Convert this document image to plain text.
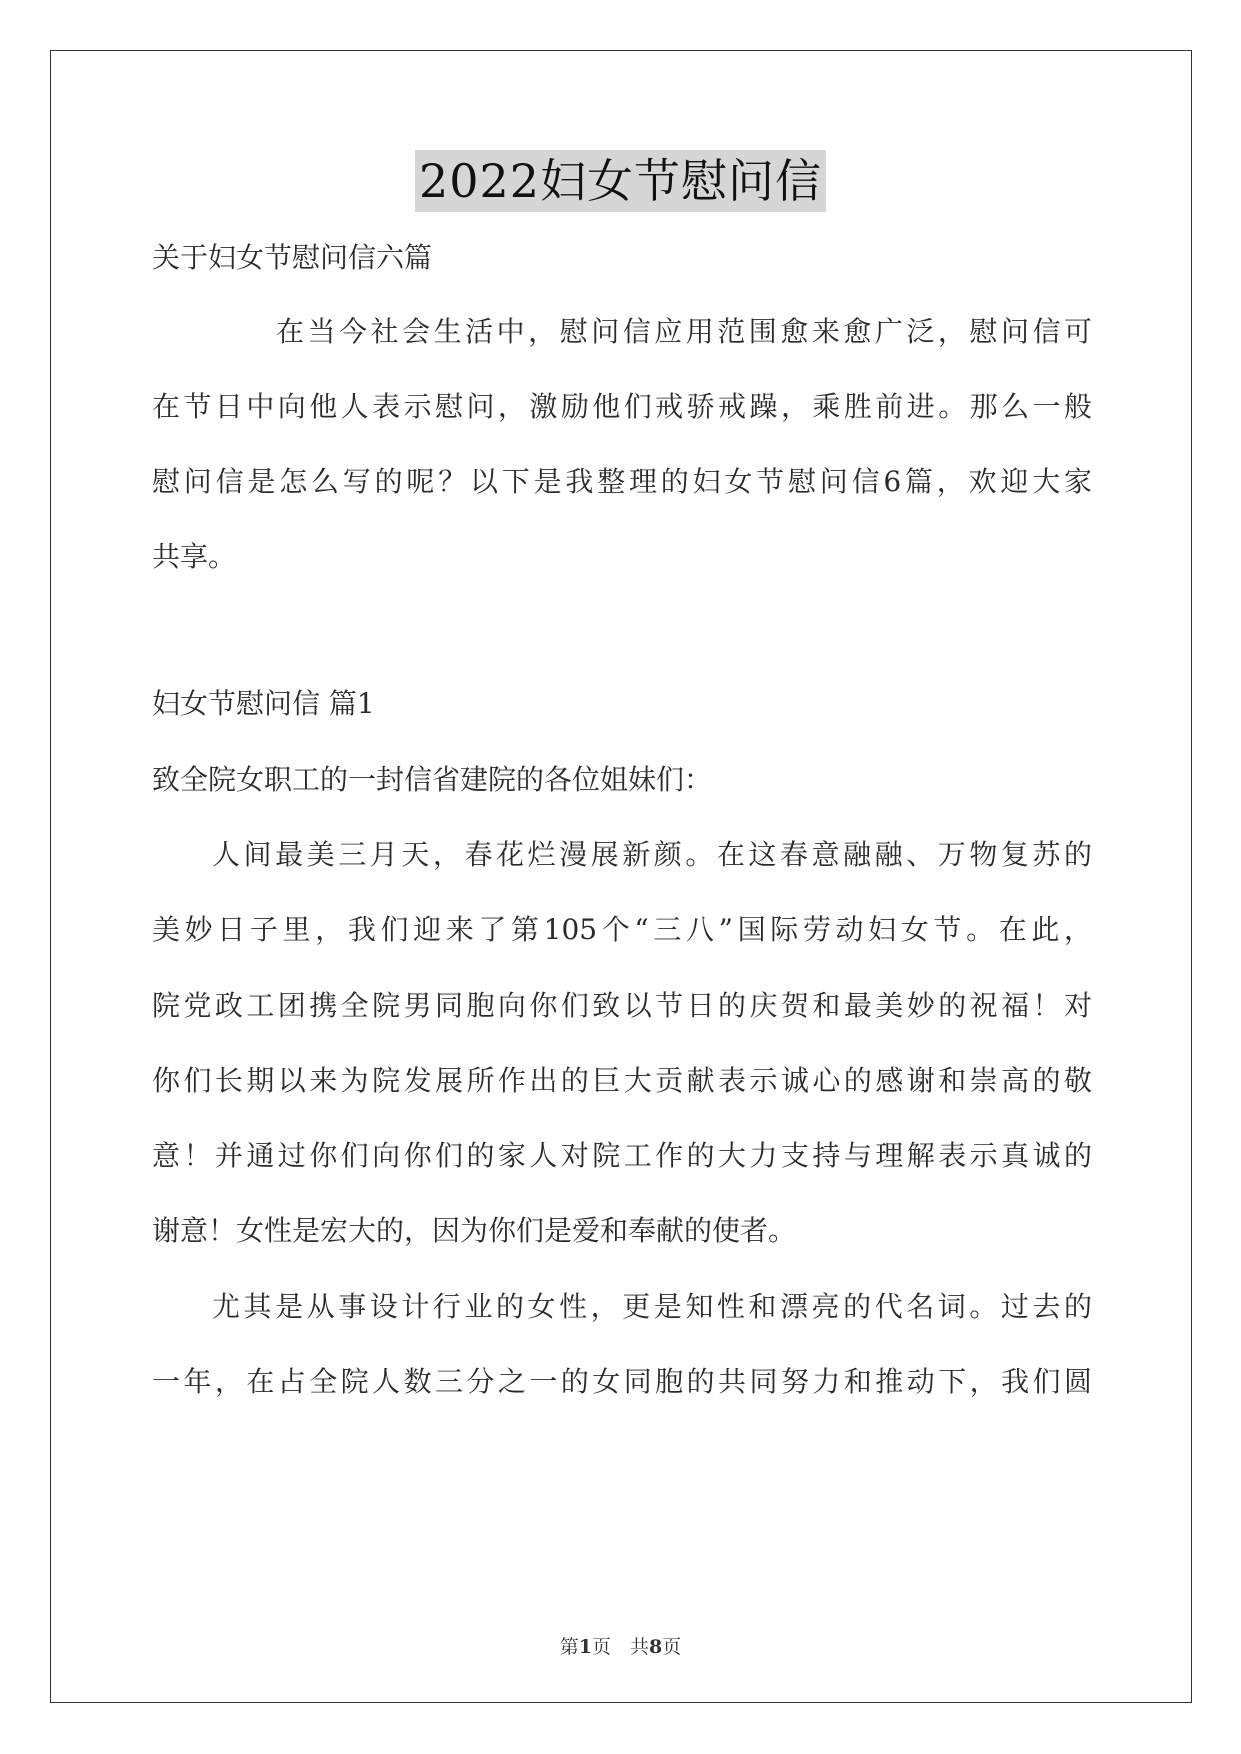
2022妇女节慰问信
关于妇女节慰问信六篇
在当今社会生活中，慰问信应用范围愈来愈广泛，慰问信可
在节日中向他人表示慰问，激励他们戒骄戒躁，乘胜前进。那么一般
慰问信是怎么写的呢？以下是我整理的妇女节慰问信6篇，欢迎大家
共享。
妇女节慰问信 篇1
致全院女职工的一封信省建院的各位姐妹们：
人间最美三月天，春花烂漫展新颜。在这春意融融、万物复苏的
美妙日子里，我们迎来了第105个“三八”国际劳动妇女节。在此，
院党政工团携全院男同胞向你们致以节日的庆贺和最美妙的祝福！对
你们长期以来为院发展所作出的巨大贡献表示诚心的感谢和崇高的敬
意！并通过你们向你们的家人对院工作的大力支持与理解表示真诚的
谢意！女性是宏大的，因为你们是爱和奉献的使者。
尤其是从事设计行业的女性，更是知性和漂亮的代名词。过去的
一年，在占全院人数三分之一的女同胞的共同努力和推动下，我们圆
第1页　共8页
